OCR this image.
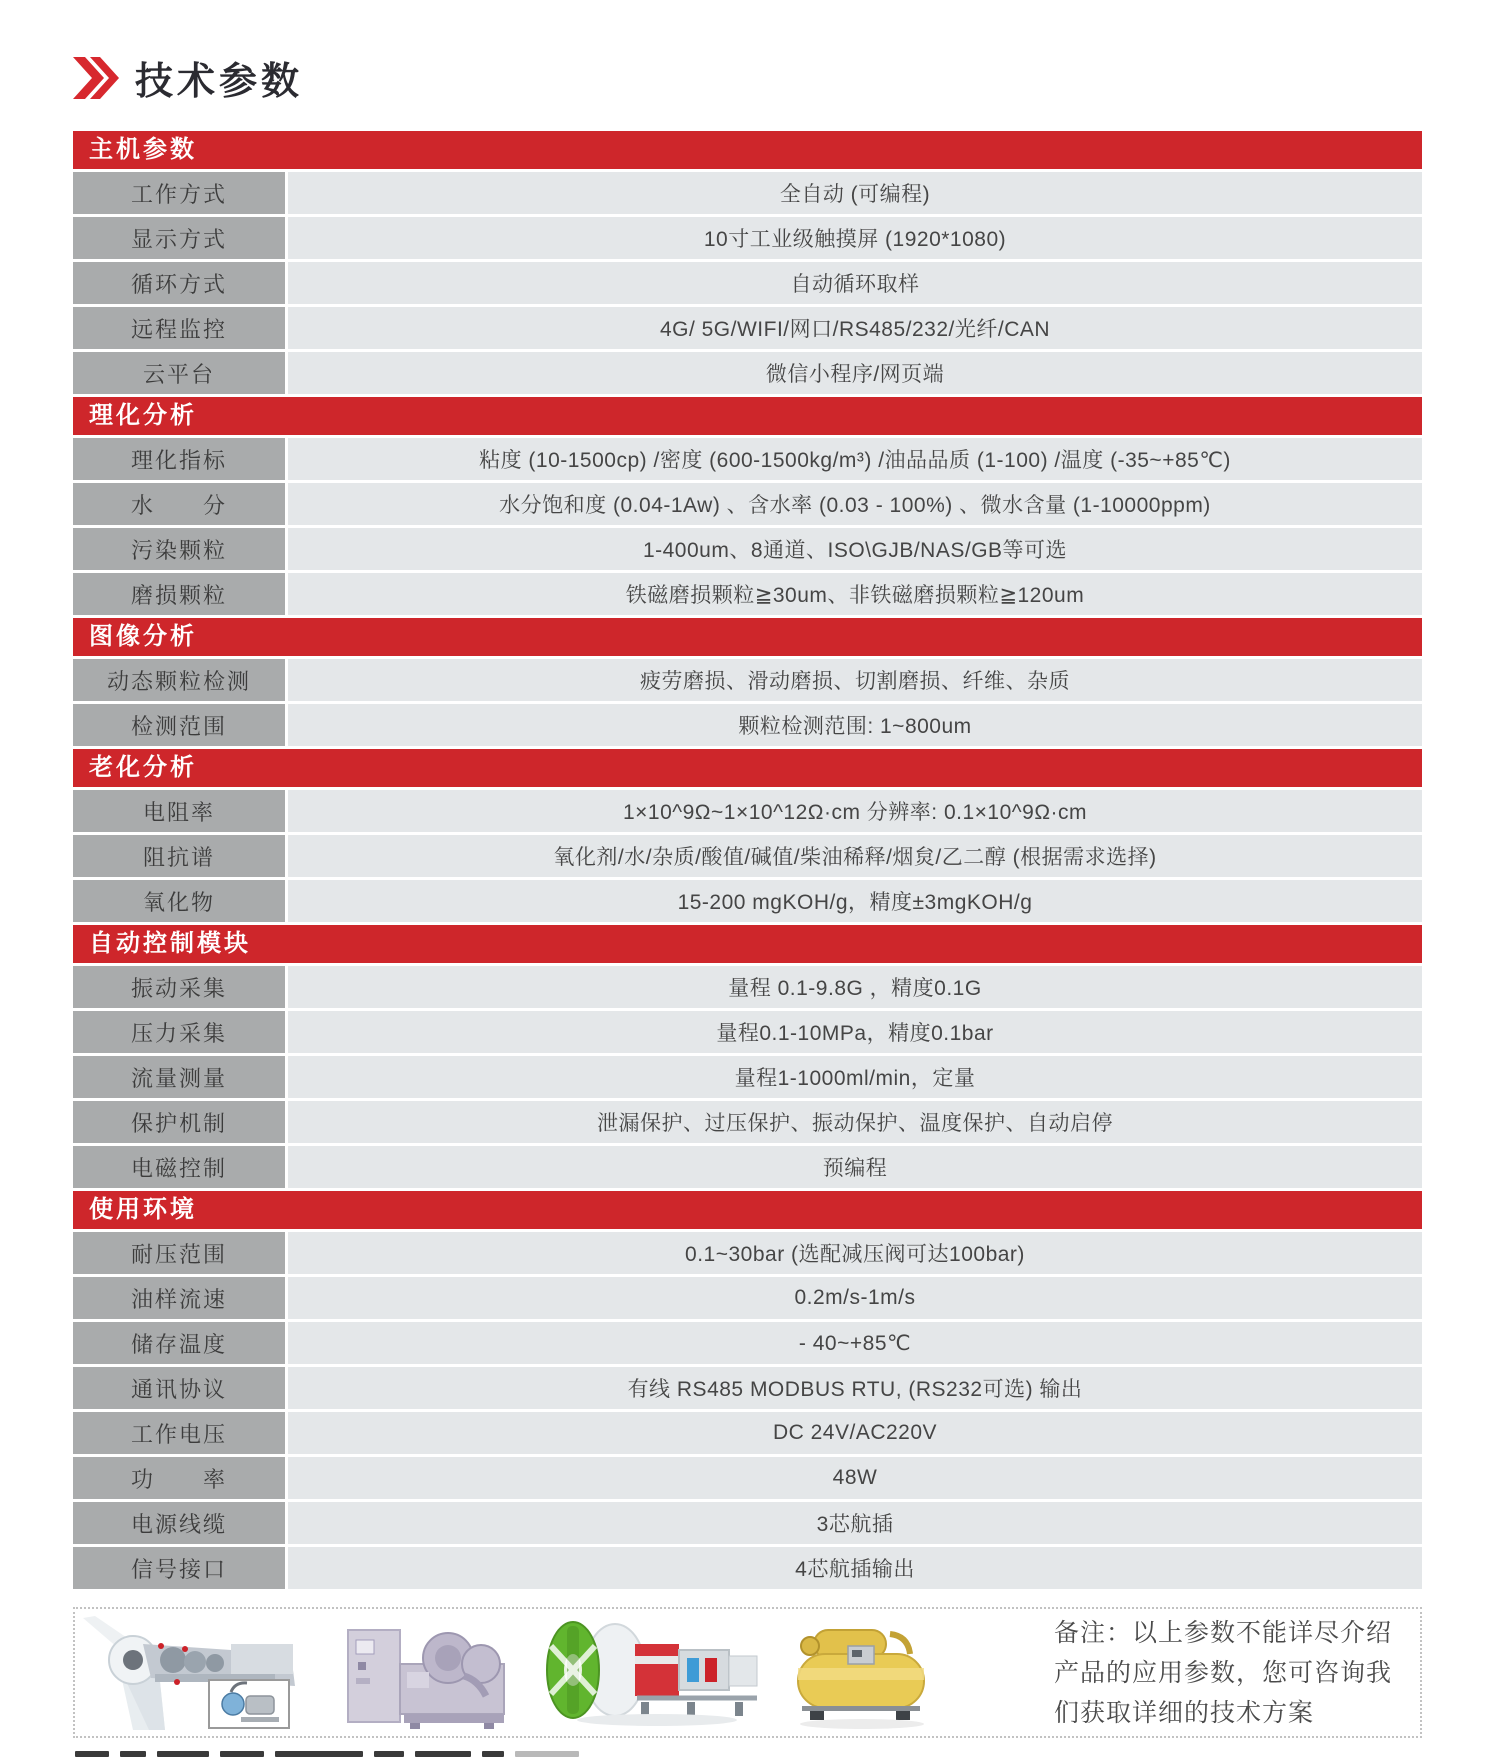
技术参数
主机参数
工作方式	全自动 (可编程)
显示方式	10寸工业级触摸屏 (1920*1080)
循环方式	自动循环取样
远程监控	4G/ 5G/WIFI/网口/RS485/232/光纤/CAN
云平台	微信小程序/网页端
理化分析
理化指标	粘度 (10-1500cp) /密度 (600-1500kg/m³) /油品品质 (1-100) /温度 (-35~+85℃)
水　　分	水分饱和度 (0.04-1Aw) 、含水率 (0.03 - 100%) 、微水含量 (1-10000ppm)
污染颗粒	1-400um、8通道、ISO\GJB/NAS/GB等可选
磨损颗粒	铁磁磨损颗粒≧30um、非铁磁磨损颗粒≧120um
图像分析
动态颗粒检测	疲劳磨损、滑动磨损、切割磨损、纤维、杂质
检测范围	颗粒检测范围: 1~800um
老化分析
电阻率	1×10^9Ω~1×10^12Ω·cm 分辨率: 0.1×10^9Ω·cm
阻抗谱	氧化剂/水/杂质/酸值/碱值/柴油稀释/烟炱/乙二醇 (根据需求选择)
氧化物	15-200 mgKOH/g，精度±3mgKOH/g
自动控制模块
振动采集	量程 0.1-9.8G ，精度0.1G
压力采集	量程0.1-10MPa，精度0.1bar
流量测量	量程1-1000ml/min，定量
保护机制	泄漏保护、过压保护、振动保护、温度保护、自动启停
电磁控制	预编程
使用环境
耐压范围	0.1~30bar (选配减压阀可达100bar)
油样流速	0.2m/s-1m/s
储存温度	- 40~+85℃
通讯协议	有线 RS485 MODBUS RTU, (RS232可选) 输出
工作电压	DC 24V/AC220V
功　　率	48W
电源线缆	3芯航插
信号接口	4芯航插输出
备注：以上参数不能详尽介绍产品的应用参数，您可咨询我们获取详细的技术方案
